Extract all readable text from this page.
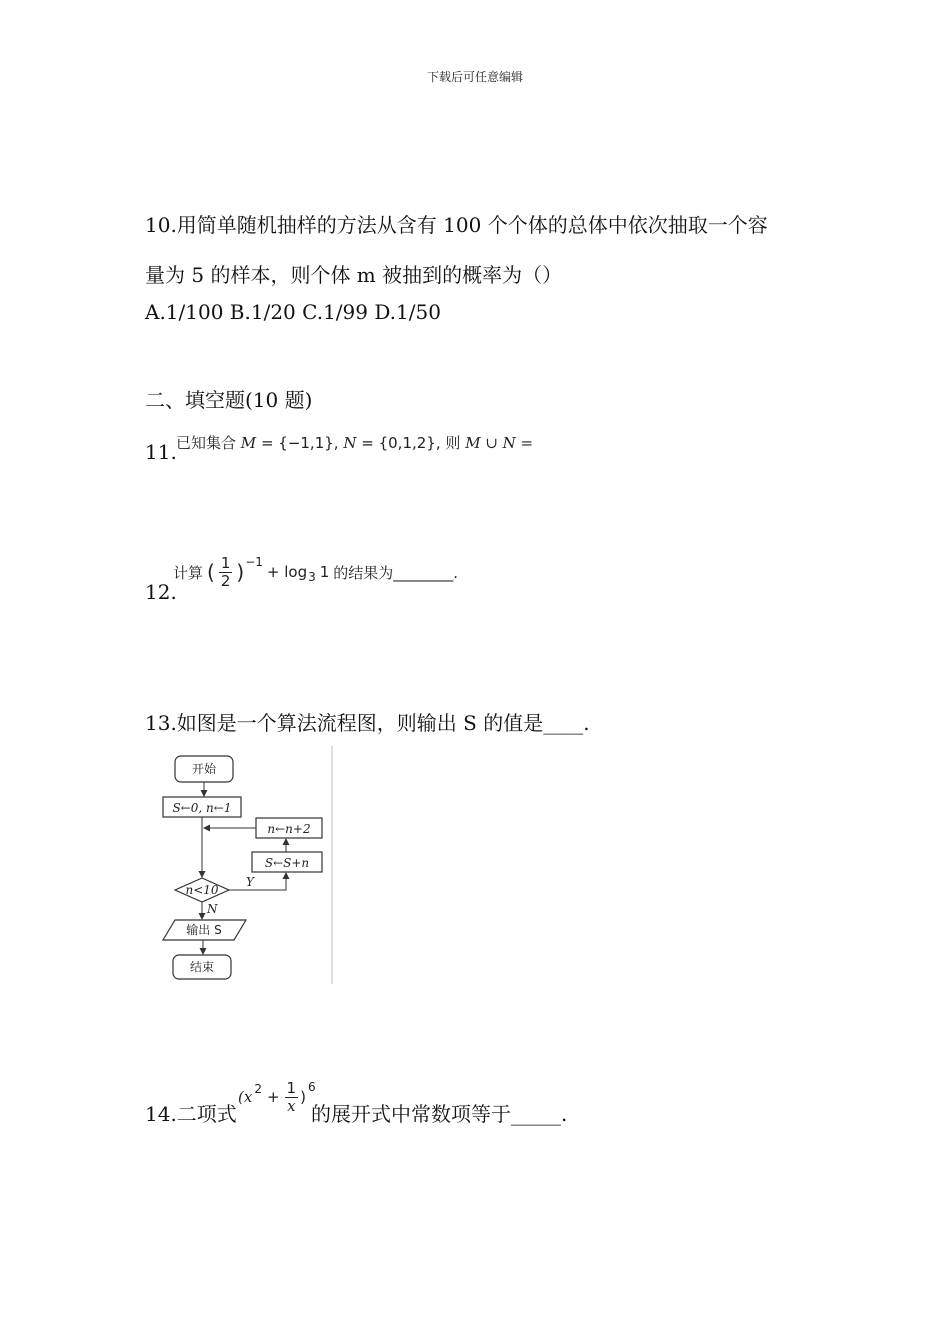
下载后可任意编辑
10.用简单随机抽样的方法从含有 100 个个体的总体中依次抽取一个容
量为 5 的样本，则个体 m 被抽到的概率为（）
A.1/100 B.1/20 C.1/99 D.1/50
二、填空题(10 题)
11. 已知集合 M = {−1,1}, N = {0,1,2}, 则 M ∪ N =
12.
计算 ( $\frac{1}{2}$ ) −1
+ log 3 1 的结果为________.
13.如图是一个算法流程图，则输出 S 的值是____.
开始
S←0, n←1
n←n+2
S←S+n
n<10
Y
N
输出 S
结束
14.二项式
(x $2 + \frac{1}{x}$ )
6
的展开式中常数项等于_____.
